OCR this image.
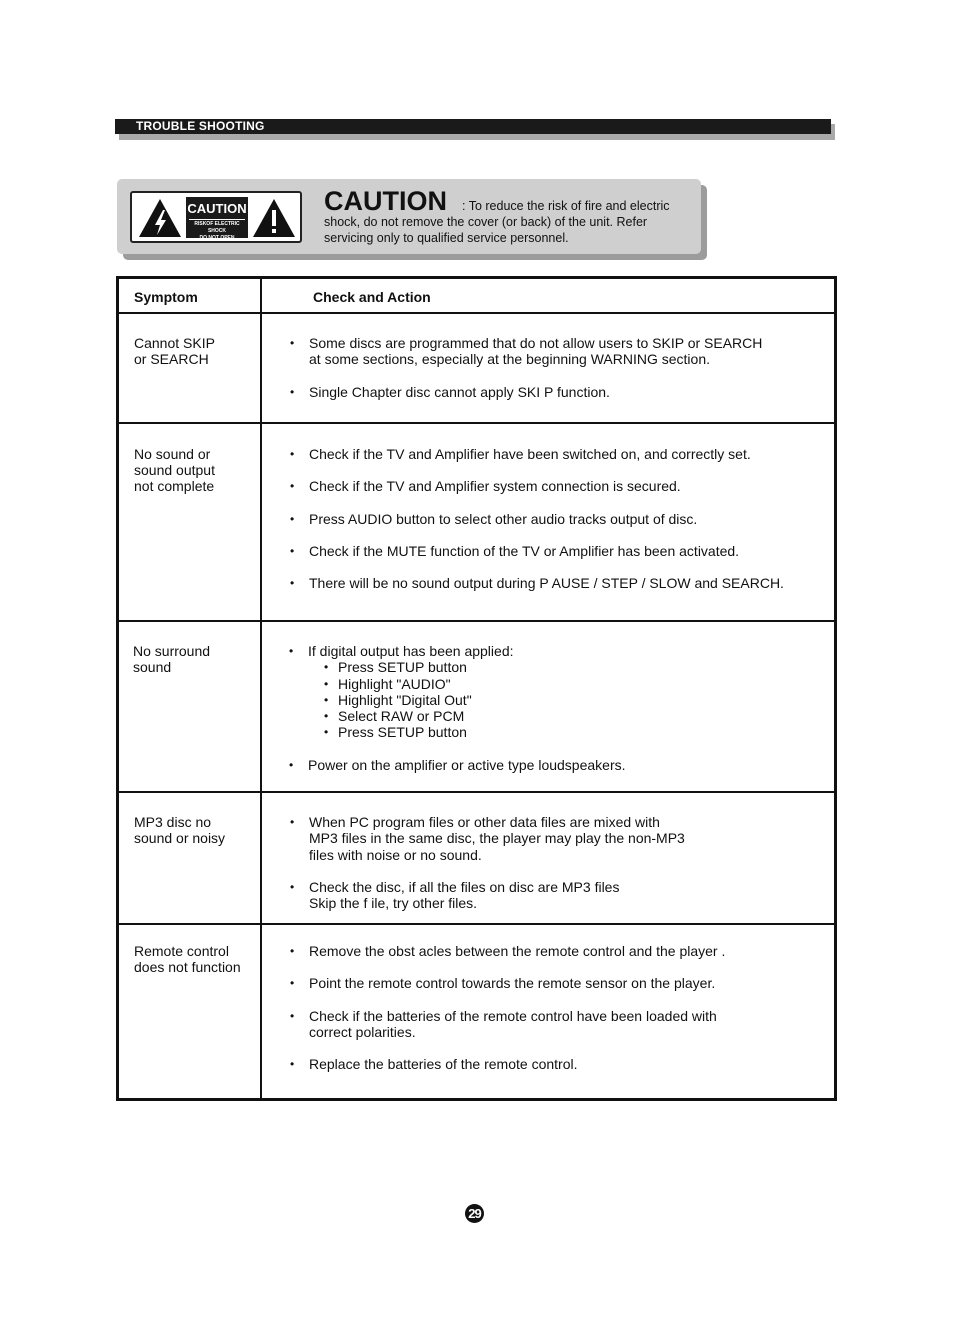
TROUBLE SHOOTING
CAUTION
RISKOF ELECTRIC SHOCK
DO NOT OPEN
CAUTION	: To reduce the risk of fire and electric
shock, do not remove the cover (or back) of the unit. Refer
servicing only to qualified service personnel.
Symptom	Check and Action
Cannot SKIP
or SEARCH
• Some discs are programmed that do not allow users to SKIP or SEARCH
at some sections, especially at the beginning WARNING section.
• Single Chapter disc cannot apply SKI P function.
No sound or
sound output
not complete
• Check if the TV and Amplifier have been switched on, and correctly set.
• Check if the TV and Amplifier system connection is secured.
• Press AUDIO button to select other audio tracks output of disc.
• Check if the MUTE function of the TV or Amplifier has been activated.
• There will be no sound output during P AUSE / STEP / SLOW and SEARCH.
No surround
sound
• If digital output has been applied:
• Press SETUP button
• Highlight "AUDIO"
• Highlight "Digital Out"
• Select RAW or PCM
• Press SETUP button
• Power on the amplifier or active type loudspeakers.
MP3 disc no
sound or noisy
• When PC program files or other data files are mixed with
MP3 files in the same disc, the player may play the non-MP3
files with noise or no sound.
• Check the disc, if all the files on disc are MP3 files
Skip the f ile, try other files.
Remote control
does not function
• Remove the obst acles between the remote control and the player .
• Point the remote control towards the remote sensor on the player.
• Check if the batteries of the remote control have been loaded with
correct polarities.
• Replace the batteries of the remote control.
29
